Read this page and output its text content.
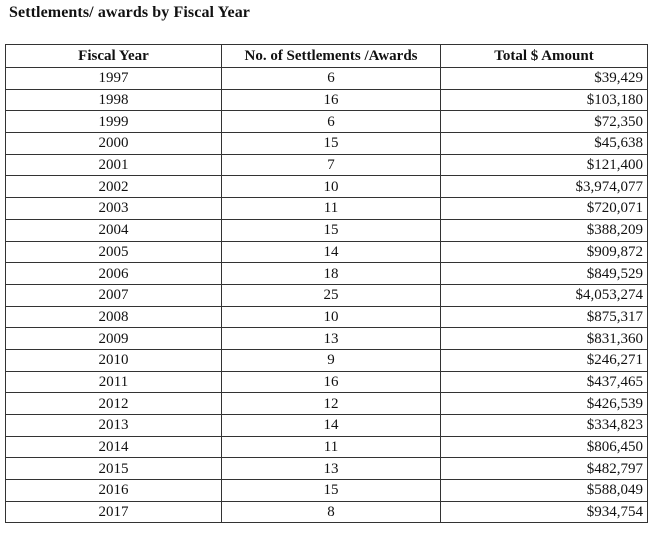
Settlements/ awards by Fiscal Year
Fiscal Year	No. of Settlements /Awards	Total $ Amount
1997	6	$39,429
1998	16	$103,180
1999	6	$72,350
2000	15	$45,638
2001	7	$121,400
2002	10	$3,974,077
2003	11	$720,071
2004	15	$388,209
2005	14	$909,872
2006	18	$849,529
2007	25	$4,053,274
2008	10	$875,317
2009	13	$831,360
2010	9	$246,271
2011	16	$437,465
2012	12	$426,539
2013	14	$334,823
2014	11	$806,450
2015	13	$482,797
2016	15	$588,049
2017	8	$934,754
